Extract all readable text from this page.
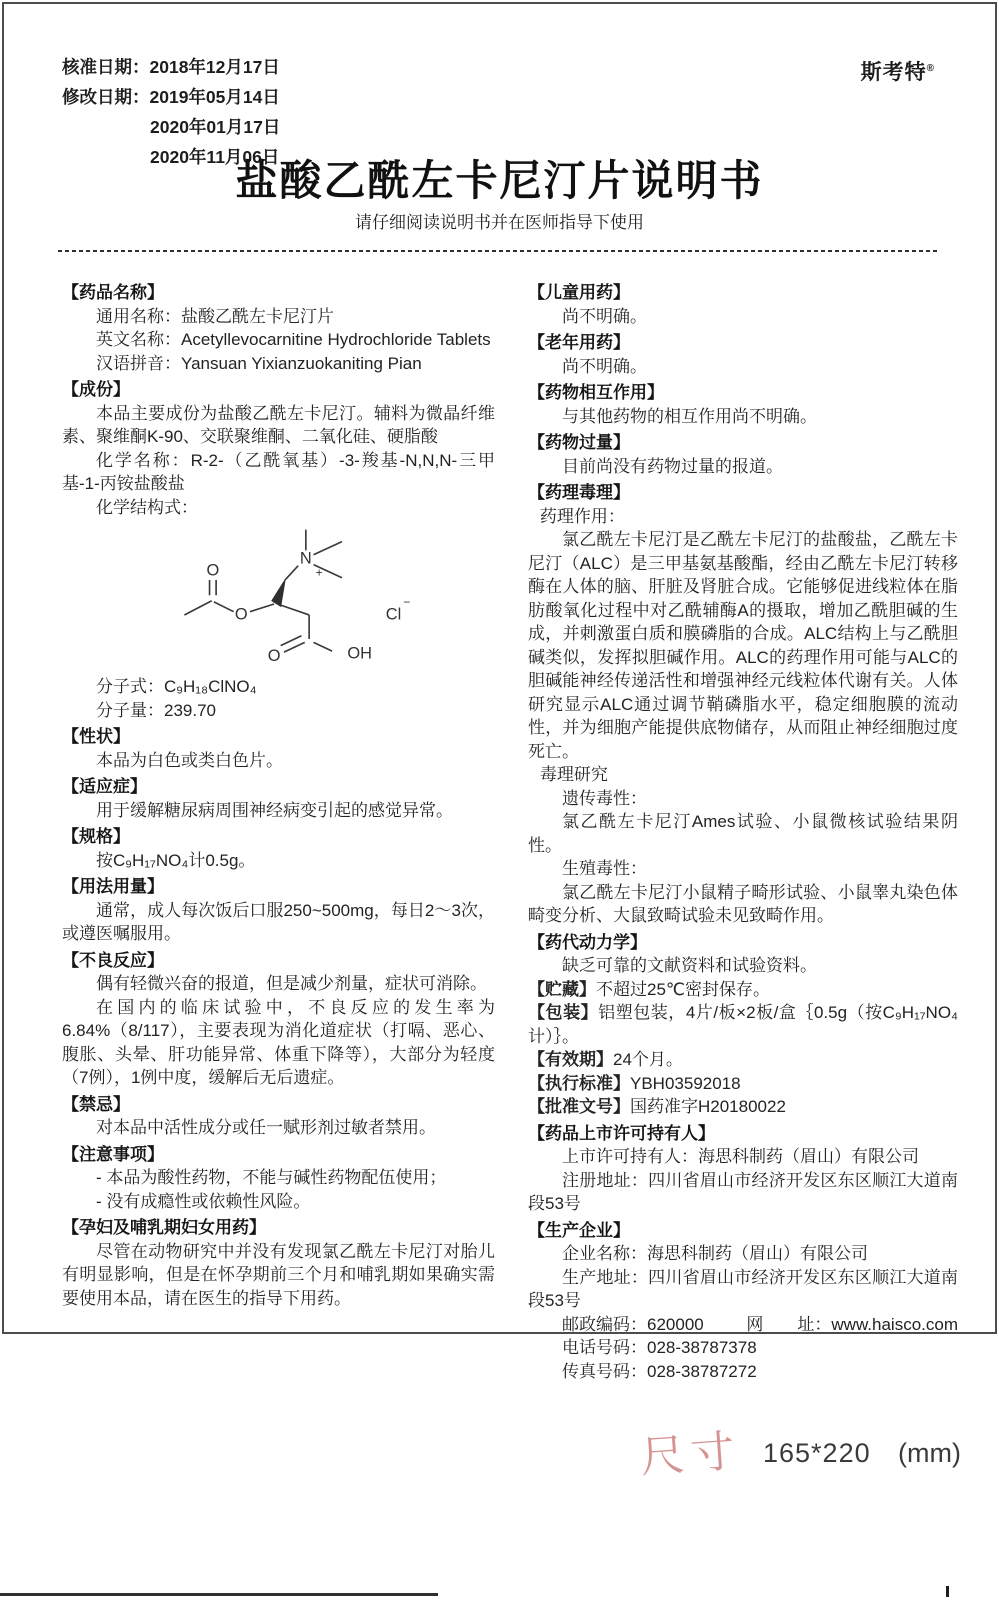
核准日期：2018年12月17日
修改日期：2019年05月14日
2020年01月17日
2020年11月06日
斯考特®
盐酸乙酰左卡尼汀片说明书
请仔细阅读说明书并在医师指导下使用
【药品名称】

通用名称：盐酸乙酰左卡尼汀片

英文名称：Acetyllevocarnitine Hydrochloride Tablets

汉语拼音：Yansuan Yixianzuokaniting Pian

【成份】

本品主要成份为盐酸乙酰左卡尼汀。辅料为微晶纤维素、聚维酮K-90、交联聚维酮、二氧化硅、硬脂酸

化学名称：R-2-（乙酰氧基）-3-羧基-N,N,N-三甲基-1-丙铵盐酸盐

化学结构式：

N
+
O
O
O	OH
Cl
−

分子式：C₉H₁₈ClNO₄

分子量：239.70

【性状】

本品为白色或类白色片。

【适应症】

用于缓解糖尿病周围神经病变引起的感觉异常。

【规格】

按C₉H₁₇NO₄计0.5g。

【用法用量】

通常，成人每次饭后口服250~500mg，每日2～3次，或遵医嘱服用。

【不良反应】

偶有轻微兴奋的报道，但是减少剂量，症状可消除。

在国内的临床试验中，不良反应的发生率为6.84%（8/117），主要表现为消化道症状（打嗝、恶心、腹胀、头晕、肝功能异常、体重下降等），大部分为轻度（7例），1例中度，缓解后无后遗症。

【禁忌】

对本品中活性成分或任一赋形剂过敏者禁用。

【注意事项】

- 本品为酸性药物，不能与碱性药物配伍使用；

- 没有成瘾性或依赖性风险。

【孕妇及哺乳期妇女用药】

尽管在动物研究中并没有发现氯乙酰左卡尼汀对胎儿有明显影响，但是在怀孕期前三个月和哺乳期如果确实需要使用本品，请在医生的指导下用药。

【儿童用药】

尚不明确。

【老年用药】

尚不明确。

【药物相互作用】

与其他药物的相互作用尚不明确。

【药物过量】

目前尚没有药物过量的报道。

【药理毒理】

药理作用：

氯乙酰左卡尼汀是乙酰左卡尼汀的盐酸盐，乙酰左卡尼汀（ALC）是三甲基氨基酸酯，经由乙酰左卡尼汀转移酶在人体的脑、肝脏及肾脏合成。它能够促进线粒体在脂肪酸氧化过程中对乙酰辅酶A的摄取，增加乙酰胆碱的生成，并刺激蛋白质和膜磷脂的合成。ALC结构上与乙酰胆碱类似，发挥拟胆碱作用。ALC的药理作用可能与ALC的胆碱能神经传递活性和增强神经元线粒体代谢有关。人体研究显示ALC通过调节鞘磷脂水平，稳定细胞膜的流动性，并为细胞产能提供底物储存，从而阻止神经细胞过度死亡。

毒理研究

遗传毒性：

氯乙酰左卡尼汀Ames试验、小鼠微核试验结果阴性。

生殖毒性：

氯乙酰左卡尼汀小鼠精子畸形试验、小鼠睾丸染色体畸变分析、大鼠致畸试验未见致畸作用。

【药代动力学】

缺乏可靠的文献资料和试验资料。

【贮藏】不超过25℃密封保存。

【包装】铝塑包装，4片/板×2板/盒｛0.5g（按C₉H₁₇NO₄计）｝。

【有效期】24个月。

【执行标准】YBH03592018

【批准文号】国药准字H20180022

【药品上市许可持有人】

上市许可持有人：海思科制药（眉山）有限公司

注册地址：四川省眉山市经济开发区东区顺江大道南段53号

【生产企业】

企业名称：海思科制药（眉山）有限公司

生产地址：四川省眉山市经济开发区东区顺江大道南段53号

邮政编码：620000	网　　址：www.haisco.com

电话号码：028-38787378

传真号码：028-38787272

尺寸 165*220 (mm)
